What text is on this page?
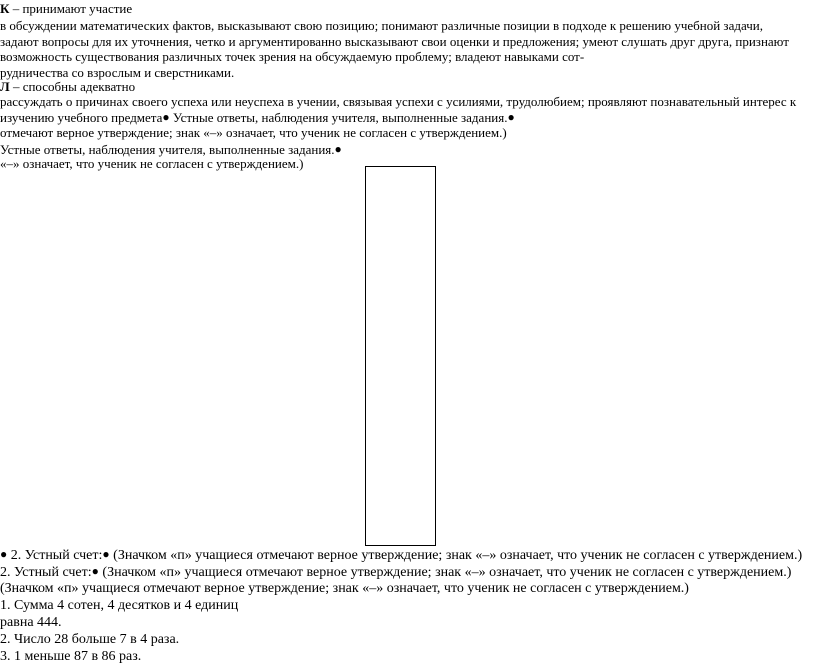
К – принимают участие
в обсуждении математических фактов, высказывают свою позицию; понимают различные позиции в подходе к решению учебной задачи,
задают вопросы для их уточнения, четко и аргументированно высказывают свои оценки и предложения; умеют слушать друг друга, признают
возможность существования различных точек зрения на обсуждаемую проблему; владеют навыками сот-
рудничества со взрослым и сверстниками.
Л – способны адекватно
рассуждать о причинах своего успеха или неуспеха в учении, связывая успехи с усилиями, трудолюбием; проявляют познавательный интерес к
изучению учебного предмета● Устные ответы, наблюдения учителя, выполненные задания.●
отмечают верное утверждение; знак «–» означает, что ученик не согласен с утверждением.)
Устные ответы, наблюдения учителя, выполненные задания.●
«–» означает, что ученик не согласен с утверждением.)
● 2. Устный счет:● (Значком «п» учащиеся отмечают верное утверждение; знак «–» означает, что ученик не согласен с утверждением.)
2. Устный счет:● (Значком «п» учащиеся отмечают верное утверждение; знак «–» означает, что ученик не согласен с утверждением.)
(Значком «п» учащиеся отмечают верное утверждение; знак «–» означает, что ученик не согласен с утверждением.)
1. Сумма 4 сотен, 4 десятков и 4 единиц
равна 444.
2. Число 28 больше 7 в 4 раза.
3. 1 меньше 87 в 86 раз.
